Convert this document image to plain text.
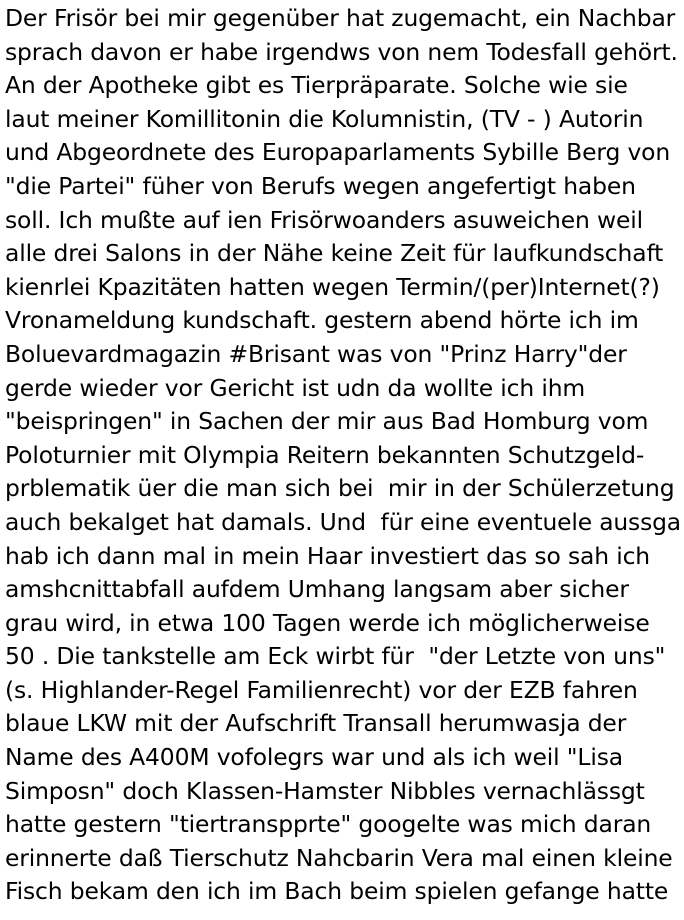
Der Frisör bei mir gegenüber hat zugemacht, ein Nachbar
sprach davon er habe irgendws von nem Todesfall gehört.
An der Apotheke gibt es Tierpräparate. Solche wie sie
laut meiner Komillitonin die Kolumnistin, (TV - ) Autorin
und Abgeordnete des Europaparlaments Sybille Berg von
"die Partei" füher von Berufs wegen angefertigt haben
soll. Ich mußte auf ien Frisörwoanders asuweichen weil
alle drei Salons in der Nähe keine Zeit für laufkundschaft
kienrlei Kpazitäten hatten wegen Termin/(per)Internet(?)
Vronameldung kundschaft. gestern abend hörte ich im
Boluevardmagazin #Brisant was von "Prinz Harry"der
gerde wieder vor Gericht ist udn da wollte ich ihm
"beispringen" in Sachen der mir aus Bad Homburg vom
Poloturnier mit Olympia Reitern bekannten Schutzgeld-
prblematik üer die man sich bei  mir in der Schülerzetung
auch bekalget hat damals. Und  für eine eventuele aussga
hab ich dann mal in mein Haar investiert das so sah ich
amshcnittabfall aufdem Umhang langsam aber sicher
grau wird, in etwa 100 Tagen werde ich möglicherweise
50 . Die tankstelle am Eck wirbt für  "der Letzte von uns"
(s. Highlander-Regel Familienrecht) vor der EZB fahren
blaue LKW mit der Aufschrift Transall herumwasja der
Name des A400M vofolegrs war und als ich weil "Lisa
Simposn" doch Klassen-Hamster Nibbles vernachlässgt
hatte gestern "tiertranspprte" googelte was mich daran
erinnerte daß Tierschutz Nahcbarin Vera mal einen kleine
Fisch bekam den ich im Bach beim spielen gefange hatte
